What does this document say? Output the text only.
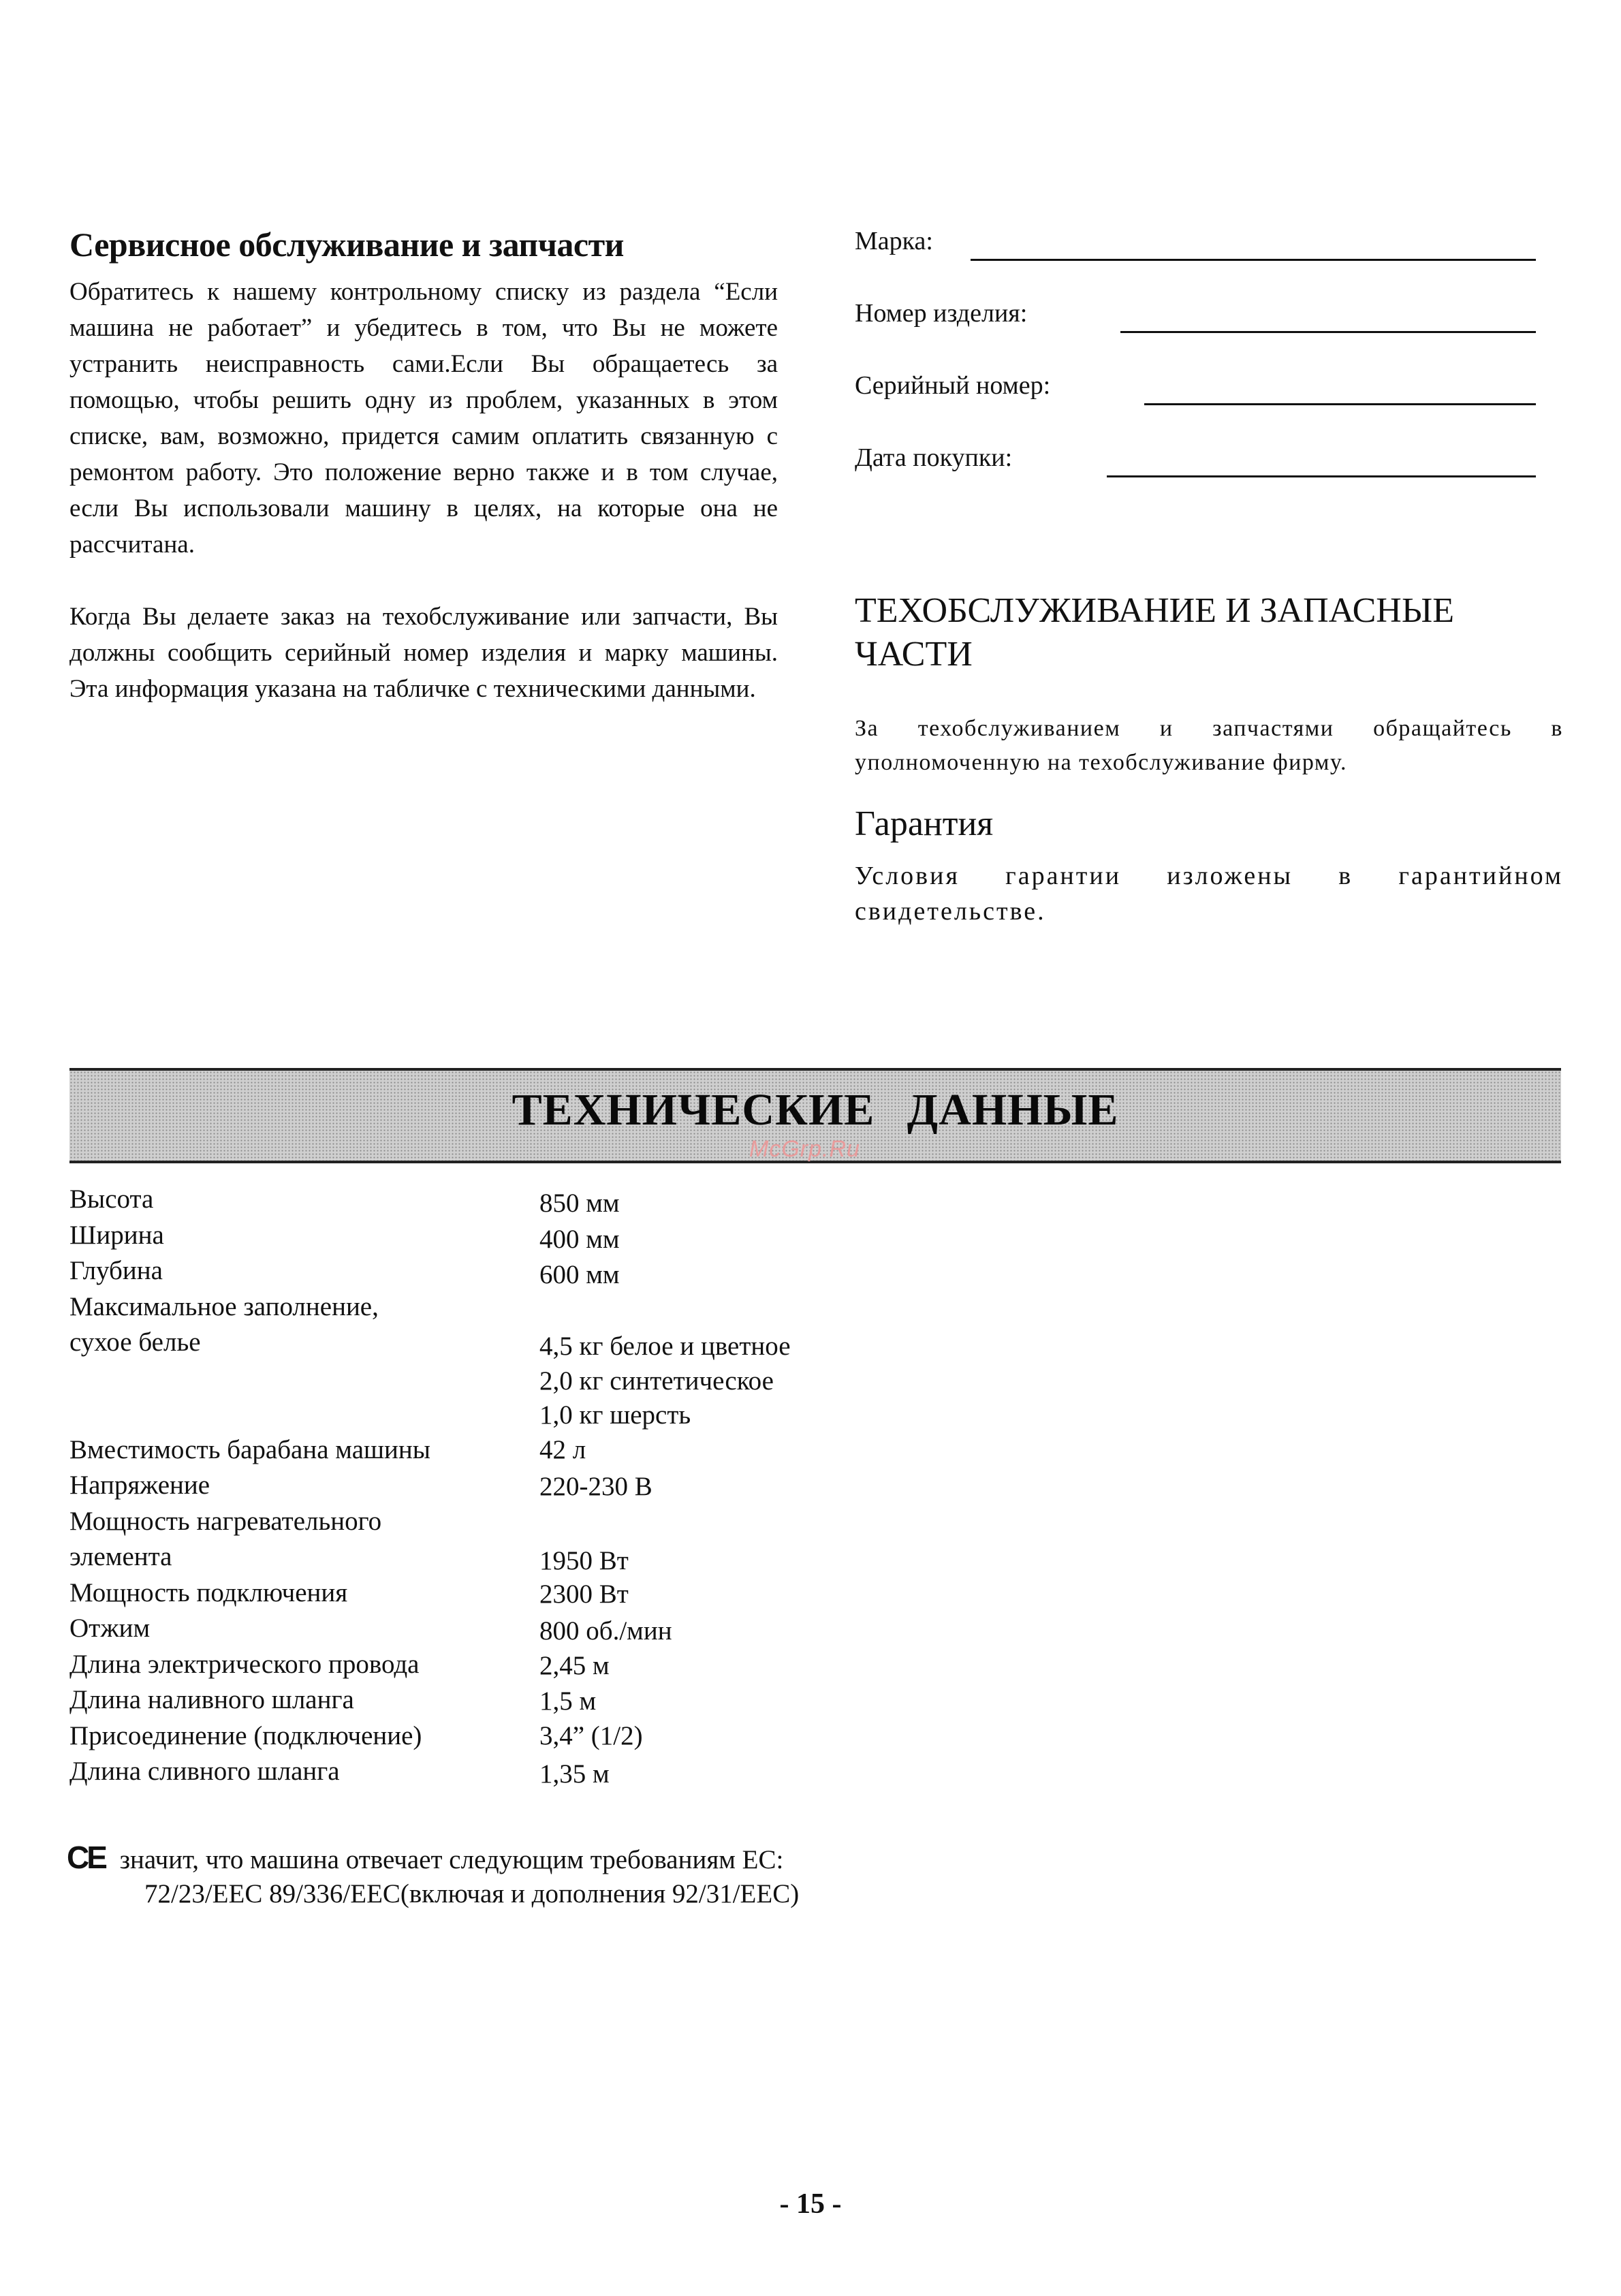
Сервисное обслуживание и запчасти

Обратитесь к нашему контрольному списку из раздела “Если машина не работает” и убедитесь в том, что Вы не можете устранить неисправность сами.Если Вы обращаетесь за помощью, чтобы решить одну из проблем, указанных в этом списке, вам, возможно, придется самим оплатить связанную с ремонтом работу. Это положение верно также и в том случае, если Вы использовали машину в целях, на которые она не рассчитана.

Когда Вы делаете заказ на техобслуживание или запчасти, Вы должны сообщить серийный номер изделия и марку машины. Эта информация указана на табличке с техническими данными.

Марка:
Номер изделия:
Серийный номер:
Дата покупки:
ТЕХОБСЛУЖИВАНИЕ И ЗАПАСНЫЕ ЧАСТИ

За техобслуживанием и запчастями обращайтесь в уполномоченную на техобслуживание фирму.

Гарантия

Условия гарантии изложены в гарантийном свидетельстве.

ТЕХНИЧЕСКИЕ ДАННЫЕ
McGrp.Ru
Высота	850 мм
Ширина	400 мм
Глубина	600 мм
Максимальное заполнение,
сухое белье	4,5 кг белое и цветное
2,0 кг синтетическое
1,0 кг шерсть
Вместимость барабана машины	42 л
Напряжение	220-230 В
Мощность нагревательного
элемента	1950 Вт
Мощность подключения	2300 Вт
Отжим	800 об./мин
Длина электрического провода	2,45 м
Длина наливного шланга	1,5 м
Присоединение (подключение)	3,4” (1/2)
Длина сливного шланга	1,35 м
CE значит, что машина отвечает следующим требованиям ЕС:
72/23/EEC 89/336/EEC(включая и дополнения 92/31/EEC)
- 15 -
